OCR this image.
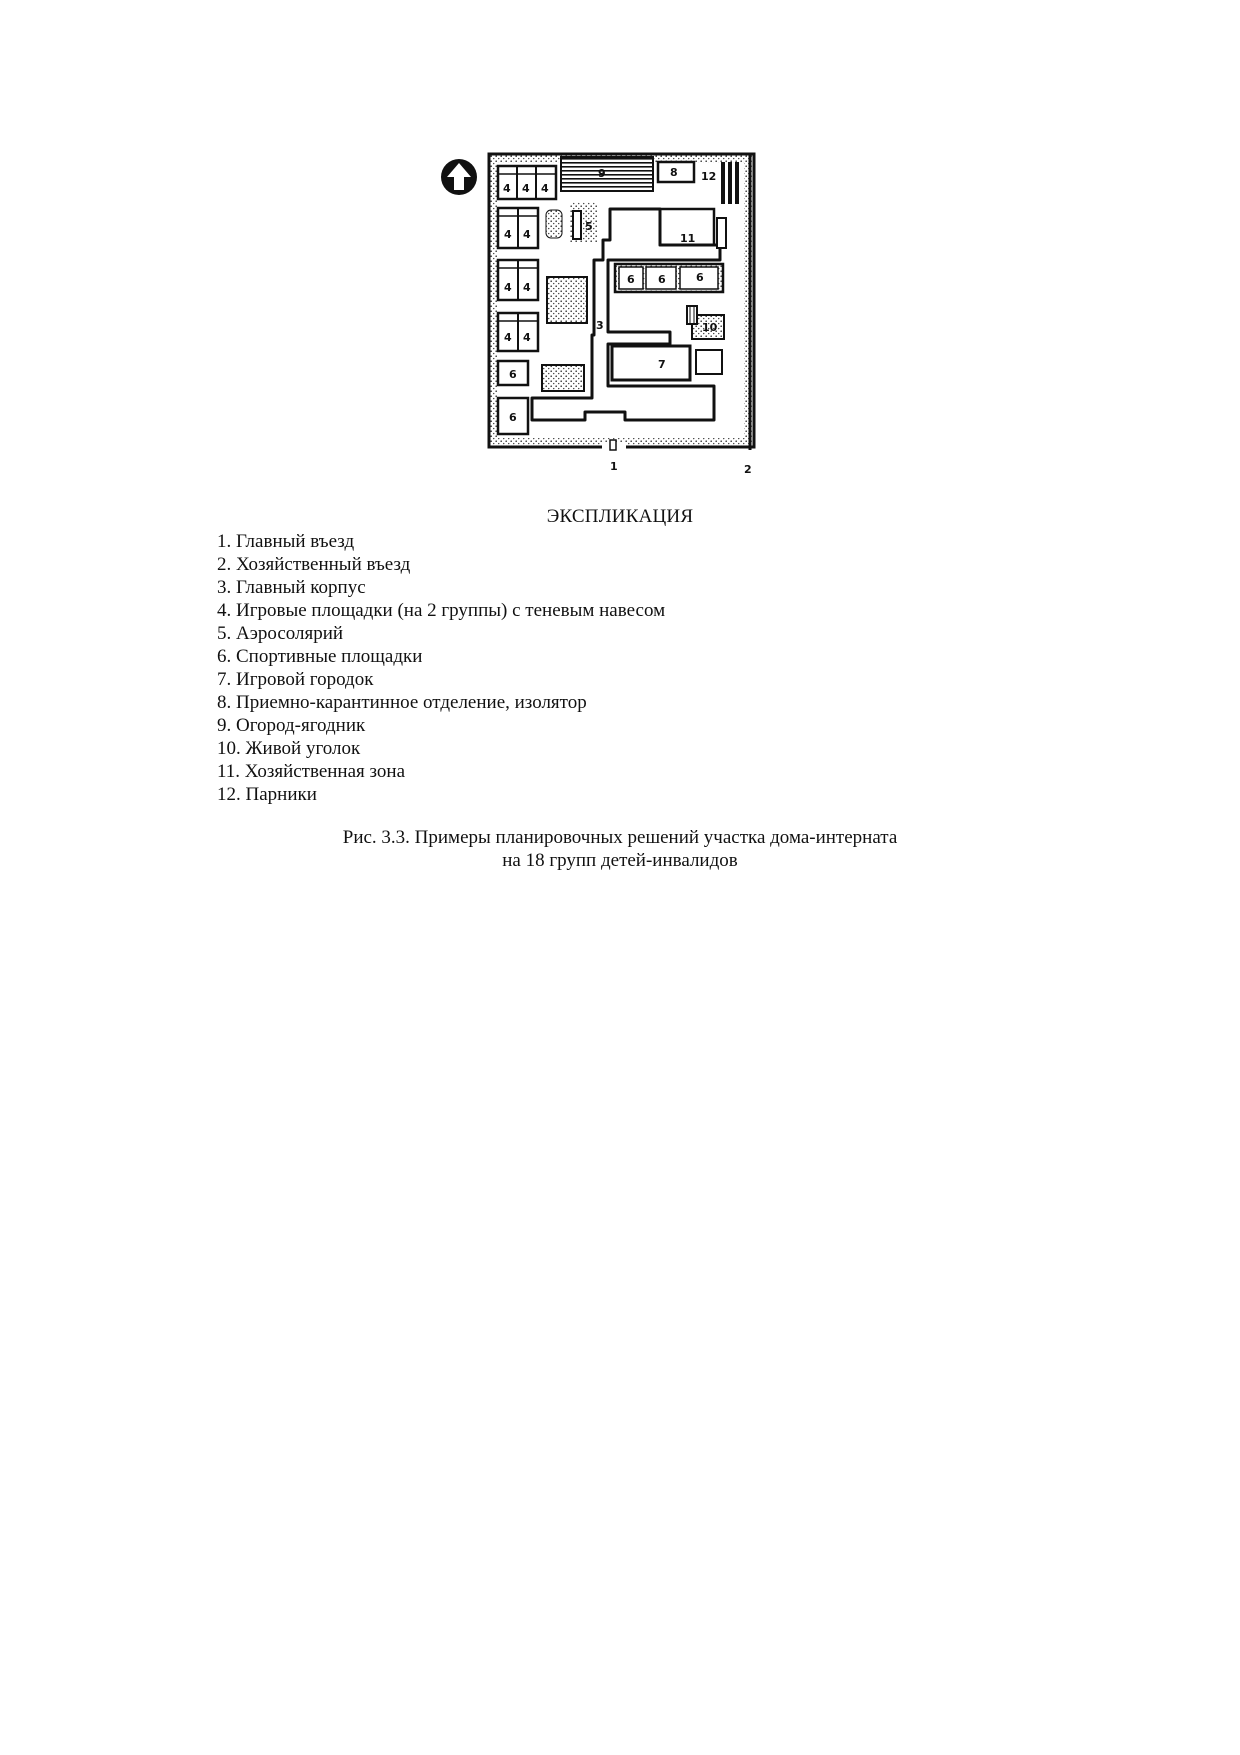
9	8 12
4 4 4
4 4
4 4
4 4
5
11
6 6	6
3	10
7
6
6
1	2
ЭКСПЛИКАЦИЯ
1. Главный въезд
2. Хозяйственный въезд
3. Главный корпус
4. Игровые площадки (на 2 группы) с теневым навесом
5. Аэросолярий
6. Спортивные площадки
7. Игровой городок
8. Приемно-карантинное отделение, изолятор
9. Огород-ягодник
10. Живой уголок
11. Хозяйственная зона
12. Парники
Рис. 3.3. Примеры планировочных решений участка дома-интерната
на 18 групп детей-инвалидов
